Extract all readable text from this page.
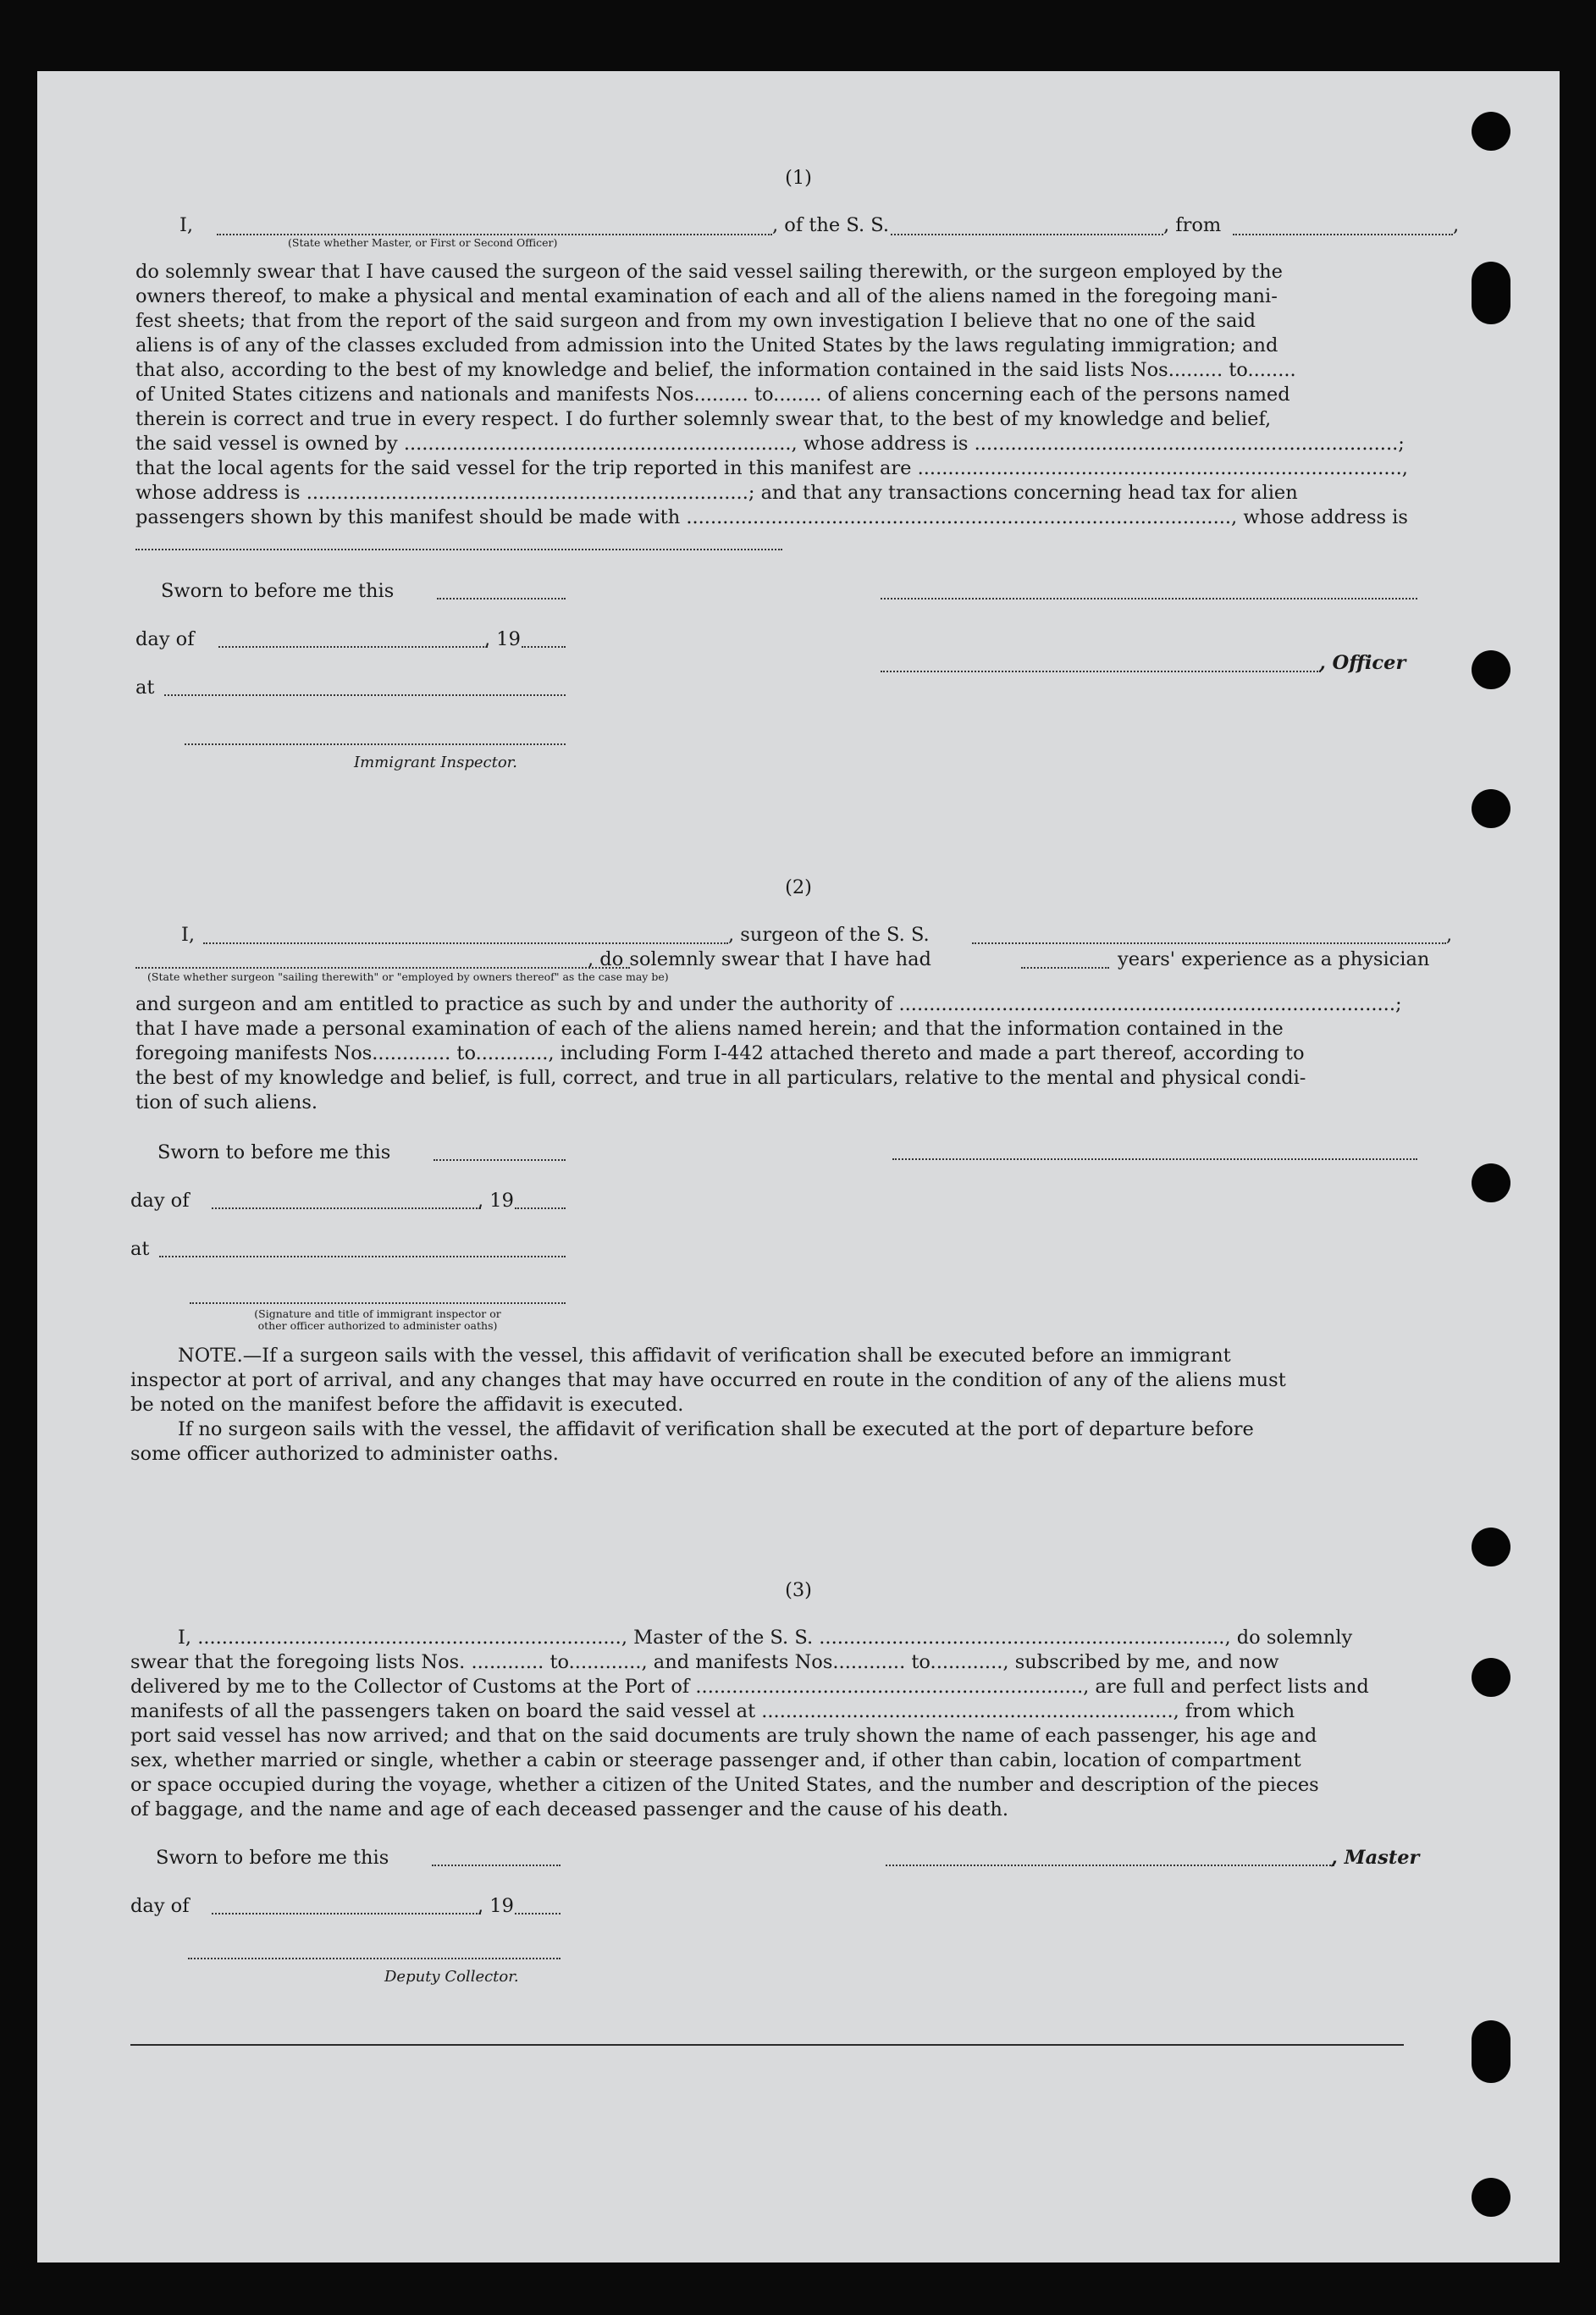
(1)
I,	, of the S. S.	, from	,
(State whether Master, or First or Second Officer)
do solemnly swear that I have caused the surgeon of the said vessel sailing therewith, or the surgeon employed by the
owners thereof, to make a physical and mental examination of each and all of the aliens named in the foregoing mani-
fest sheets; that from the report of the said surgeon and from my own investigation I believe that no one of the said
aliens is of any of the classes excluded from admission into the United States by the laws regulating immigration; and
that also, according to the best of my knowledge and belief, the information contained in the said lists Nos......... to........
of United States citizens and nationals and manifests Nos......... to........ of aliens concerning each of the persons named
therein is correct and true in every respect. I do further solemnly swear that, to the best of my knowledge and belief,
the said vessel is owned by ................................................................, whose address is ......................................................................;
that the local agents for the said vessel for the trip reported in this manifest are ................................................................................,
whose address is .........................................................................; and that any transactions concerning head tax for alien
passengers shown by this manifest should be made with .........................................................................................., whose address is
Sworn to before me this
day of	, 19
, Officer
at
Immigrant Inspector.
(2)
I,	, surgeon of the S. S.	,
, do solemnly swear that I have had	years' experience as a physician
(State whether surgeon "sailing therewith" or "employed by owners thereof" as the case may be)
and surgeon and am entitled to practice as such by and under the authority of ..................................................................................;
that I have made a personal examination of each of the aliens named herein; and that the information contained in the
foregoing manifests Nos............. to............, including Form I-442 attached thereto and made a part thereof, according to
the best of my knowledge and belief, is full, correct, and true in all particulars, relative to the mental and physical condi-
tion of such aliens.
Sworn to before me this
day of	, 19
at
(Signature and title of immigrant inspector or
other officer authorized to administer oaths)
NOTE.—If a surgeon sails with the vessel, this affidavit of verification shall be executed before an immigrant
inspector at port of arrival, and any changes that may have occurred en route in the condition of any of the aliens must
be noted on the manifest before the affidavit is executed.
If no surgeon sails with the vessel, the affidavit of verification shall be executed at the port of departure before
some officer authorized to administer oaths.
(3)
I, ......................................................................, Master of the S. S. ..................................................................., do solemnly
swear that the foregoing lists Nos. ............ to............, and manifests Nos............ to............, subscribed by me, and now
delivered by me to the Collector of Customs at the Port of ................................................................, are full and perfect lists and
manifests of all the passengers taken on board the said vessel at ...................................................................., from which
port said vessel has now arrived; and that on the said documents are truly shown the name of each passenger, his age and
sex, whether married or single, whether a cabin or steerage passenger and, if other than cabin, location of compartment
or space occupied during the voyage, whether a citizen of the United States, and the number and description of the pieces
of baggage, and the name and age of each deceased passenger and the cause of his death.
Sworn to before me this	, Master
day of	, 19
Deputy Collector.
